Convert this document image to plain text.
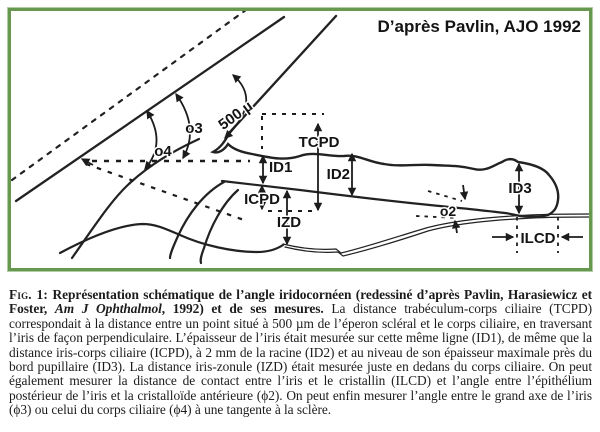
D’après Pavlin, AJO 1992
500 µ
TCPD
ID1 ID2
ID3
ICPD
IZD
ILCD
o2
o3
o4
Fig. 1: Représentation schématique de l’angle iridocornéen (redessiné d’après Pavlin, Harasiewicz et Foster, Am J Ophthalmol, 1992) et de ses mesures. La distance trabéculum-corps ciliaire (TCPD) correspondait à la distance entre un point situé à 500 µm de l’éperon scléral et le corps ciliaire, en traversant l’iris de façon perpendiculaire. L’épaisseur de l’iris était mesurée sur cette même ligne (ID1), de même que la distance iris-corps ciliaire (ICPD), à 2 mm de la racine (ID2) et au niveau de son épaisseur maximale près du bord pupillaire (ID3). La distance iris-zonule (IZD) était mesurée juste en dedans du corps ciliaire. On peut également mesurer la distance de contact entre l’iris et le cristallin (ILCD) et l’angle entre l’épithélium postérieur de l’iris et la cristalloïde antérieure (ϕ2). On peut enfin mesurer l’angle entre le grand axe de l’iris (ϕ3) ou celui du corps ciliaire (ϕ4) à une tangente à la sclère.
